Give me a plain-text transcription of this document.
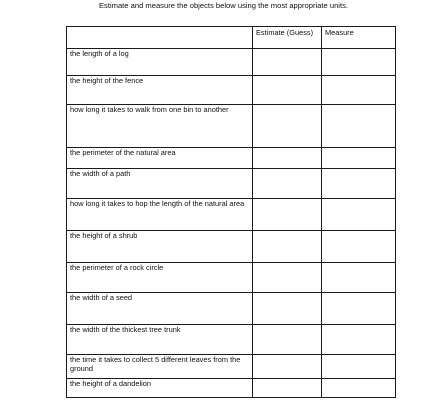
Estimate and measure the objects below using the most appropriate units.
	Estimate (Guess)	Measure
the length of a log		
the height of the fence		
how long it takes to walk from one bin to another		
the perimeter of the natural area		
the width of a path		
how long it takes to hop the length of the natural area		
the height of a shrub		
the perimeter of a rock circle		
the width of a seed		
the width of the thickest tree trunk		
the time it takes to collect 5 different leaves from the ground		
the height of a dandelion		
